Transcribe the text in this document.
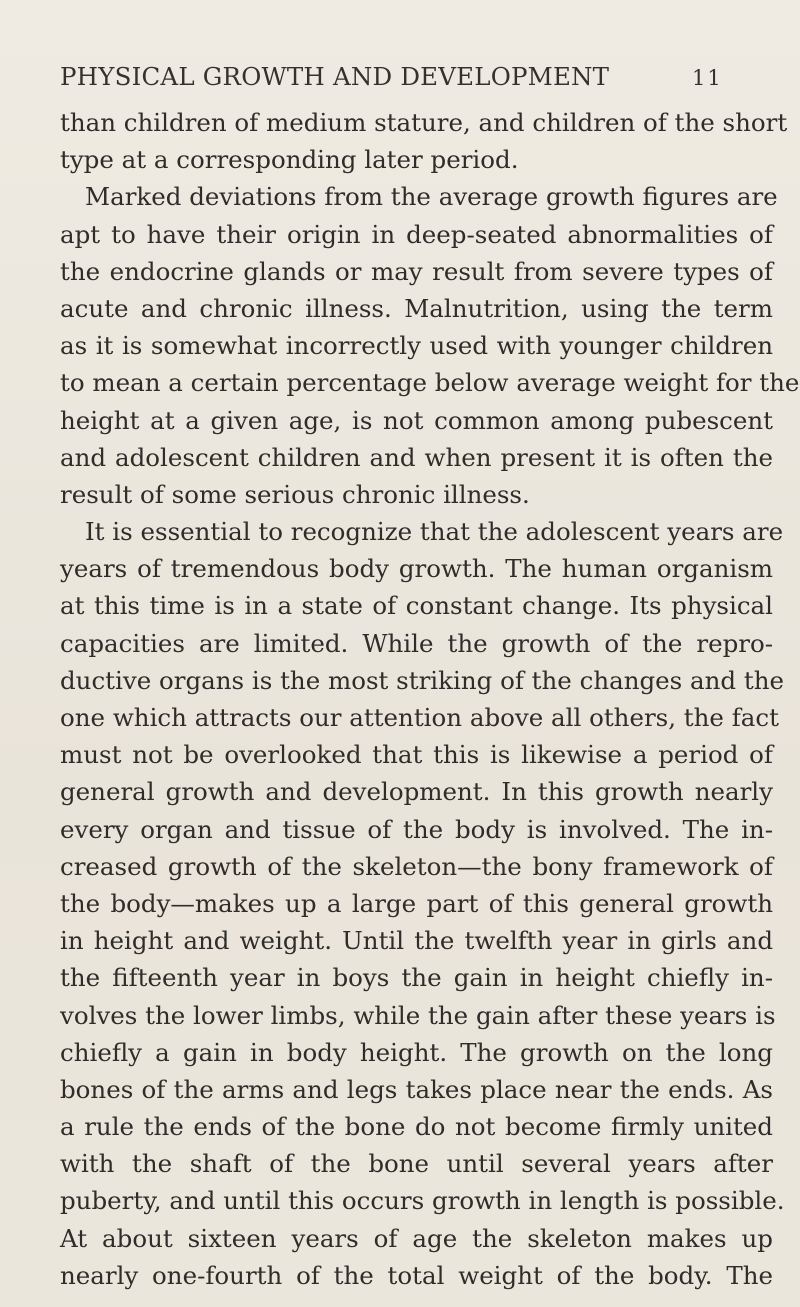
PHYSICAL GROWTH AND DEVELOPMENT	11
than children of medium stature, and children of the short
type at a corresponding later period.
Marked deviations from the average growth figures are
apt to have their origin in deep-seated abnormalities of
the endocrine glands or may result from severe types of
acute and chronic illness. Malnutrition, using the term
as it is somewhat incorrectly used with younger children
to mean a certain percentage below average weight for the
height at a given age, is not common among pubescent
and adolescent children and when present it is often the
result of some serious chronic illness.
It is essential to recognize that the adolescent years are
years of tremendous body growth. The human organism
at this time is in a state of constant change. Its physical
capacities are limited. While the growth of the repro-
ductive organs is the most striking of the changes and the
one which attracts our attention above all others, the fact
must not be overlooked that this is likewise a period of
general growth and development. In this growth nearly
every organ and tissue of the body is involved. The in-
creased growth of the skeleton—the bony framework of
the body—makes up a large part of this general growth
in height and weight. Until the twelfth year in girls and
the fifteenth year in boys the gain in height chiefly in-
volves the lower limbs, while the gain after these years is
chiefly a gain in body height. The growth on the long
bones of the arms and legs takes place near the ends. As
a rule the ends of the bone do not become firmly united
with the shaft of the bone until several years after
puberty, and until this occurs growth in length is possible.
At about sixteen years of age the skeleton makes up
nearly one-fourth of the total weight of the body. The
